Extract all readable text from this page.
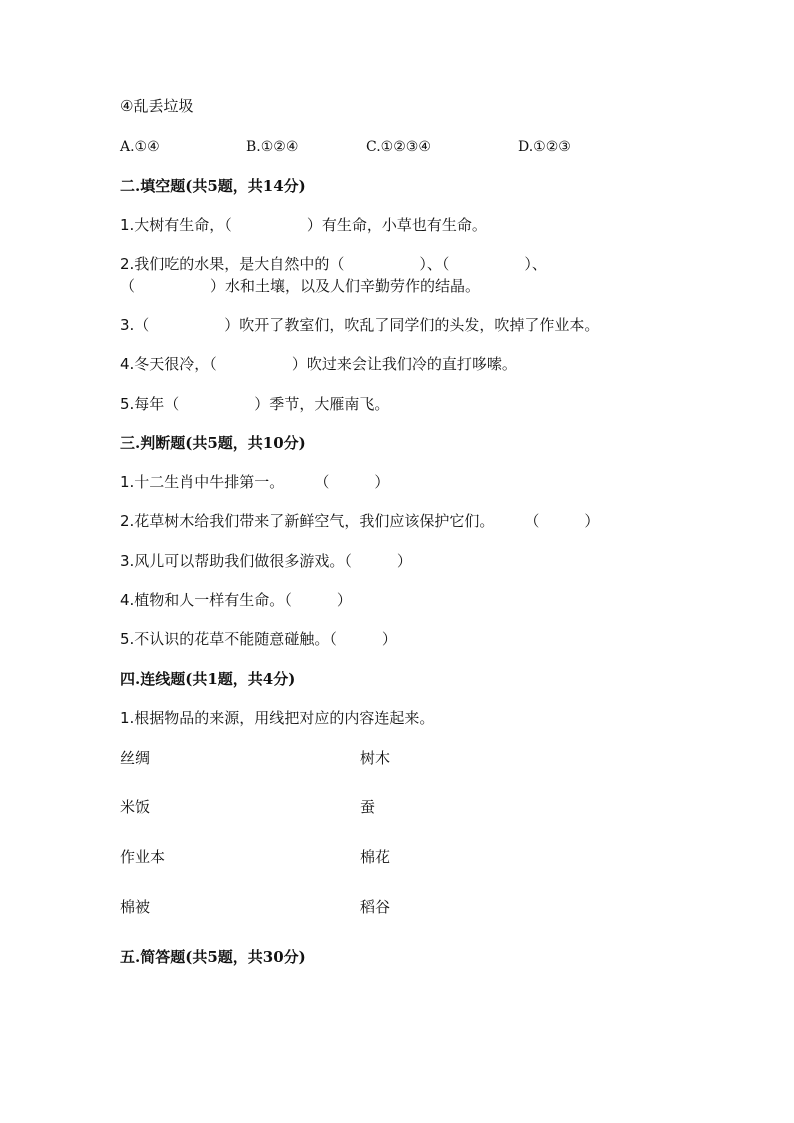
④乱丢垃圾
A.①④	B.①②④	C.①②③④	D.①②③
二.填空题(共5题，共14分)
1.大树有生命，（　　　　　）有生命，小草也有生命。
2.我们吃的水果，是大自然中的（　　　　　）、（　　　　　）、
（　　　　　）水和土壤，以及人们辛勤劳作的结晶。
3.（　　　　　）吹开了教室们，吹乱了同学们的头发，吹掉了作业本。
4.冬天很冷，（　　　　　）吹过来会让我们冷的直打哆嗦。
5.每年（　　　　　）季节，大雁南飞。
三.判断题(共5题，共10分)
1.十二生肖中牛排第一。　　　（　　　）
2.花草树木给我们带来了新鲜空气，我们应该保护它们。　　　（　　　）
3.风儿可以帮助我们做很多游戏。（　　　）
4.植物和人一样有生命。（　　　）
5.不认识的花草不能随意碰触。（　　　）
四.连线题(共1题，共4分)
1.根据物品的来源，用线把对应的内容连起来。
丝绸	树木
米饭	蚕
作业本	棉花
棉被	稻谷
五.简答题(共5题，共30分)
